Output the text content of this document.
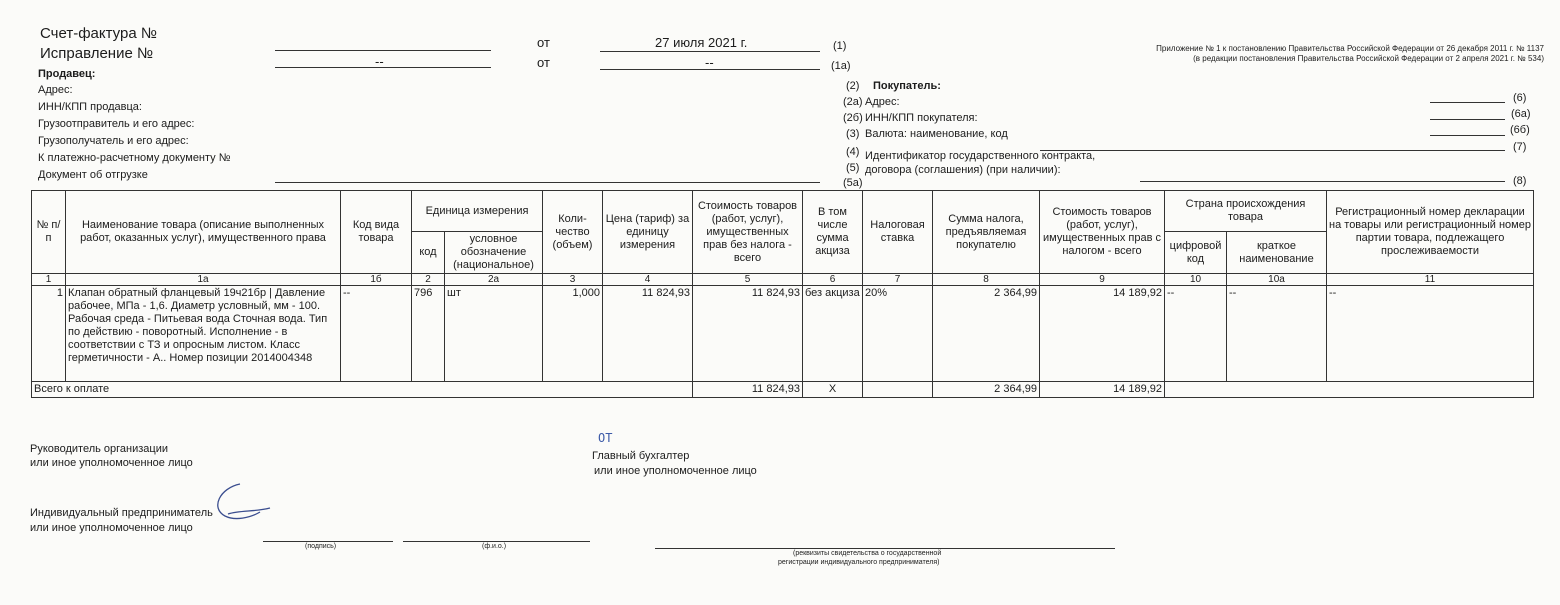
Счет-фактура №
Исправление №	--
от
от
27 июля 2021 г.
--
(1)
(1а)
Приложение № 1 к постановлению Правительства Российской Федерации от 26 декабря 2011 г. № 1137
(в редакции постановления Правительства Российской Федерации от 2 апреля 2021 г. № 534)
Продавец:
Адрес:
ИНН/КПП продавца:
Грузоотправитель и его адрес:
Грузополучатель и его адрес:
К платежно-расчетному документу №
Документ об отгрузке
(2) Покупатель:
(2а) Адрес:
(2б) ИНН/КПП покупателя:
(3) Валюта: наименование, код
(4) Идентификатор государственного контракта,
(5) договора (соглашения) (при наличии):
(5а)
(6)
(6а)
(6б)
(7)
(8)
№ п/п	Наименование товара (описание выполненных работ, оказанных услуг), имущественного права	Код вида товара	Единица измерения		Коли- чество (объем)	Цена (тариф) за единицу измерения	Стоимость товаров (работ, услуг), имущественных прав без налога - всего	В том числе сумма акциза	Налоговая ставка	Сумма налога, предъявляемая покупателю	Стоимость товаров (работ, услуг), имущественных прав с налогом - всего	Страна происхождения товара		Регистрационный номер декларации на товары или регистрационный номер партии товара, подлежащего прослеживаемости
			код	условное обозначение (национальное)								цифровой код	краткое наименование	
1	1а	1б	2	2а	3	4	5	6	7	8	9	10	10а	11
1	Клапан обратный фланцевый 19ч21бр | Давление рабочее, МПа - 1,6. Диаметр условный, мм - 100. Рабочая среда - Питьевая вода Сточная вода. Тип по действию - поворотный. Исполнение - в соответствии с ТЗ и опросным листом. Класс герметичности - А.. Номер позиции 2014004348	--	796	шт	1,000	11 824,93	11 824,93	без акциза	20%	2 364,99	14 189,92	--	--	--
Всего к оплате							11 824,93	Х		2 364,99	14 189,92			
Руководитель организации
или иное уполномоченное лицо
ОТ
Главный бухгалтер
или иное уполномоченное лицо
Индивидуальный предприниматель
или иное уполномоченное лицо
(подпись)	(ф.и.о.)
(реквизиты свидетельства о государственной
регистрации индивидуального предпринимателя)
